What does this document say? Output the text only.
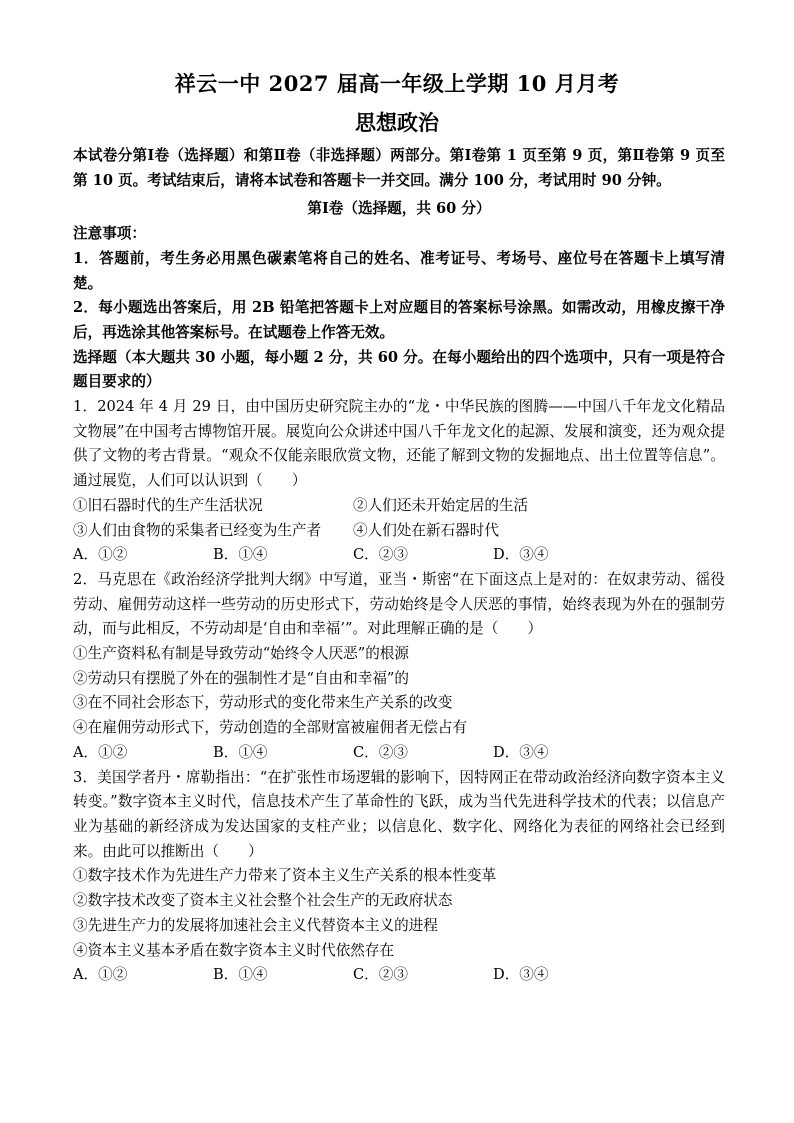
祥云一中 2027 届高一年级上学期 10 月月考
思想政治

本试卷分第Ⅰ卷（选择题）和第Ⅱ卷（非选择题）两部分。第Ⅰ卷第 1 页至第 9 页，第Ⅱ卷第 9 页至第 10 页。考试结束后，请将本试卷和答题卡一并交回。满分 100 分，考试用时 90 分钟。

第Ⅰ卷（选择题，共 60 分）

注意事项：

1．答题前，考生务必用黑色碳素笔将自己的姓名、准考证号、考场号、座位号在答题卡上填写清楚。

2．每小题选出答案后，用 2B 铅笔把答题卡上对应题目的答案标号涂黑。如需改动，用橡皮擦干净后，再选涂其他答案标号。在试题卷上作答无效。

选择题（本大题共 30 小题，每小题 2 分，共 60 分。在每小题给出的四个选项中，只有一项是符合题目要求的）

1．2024 年 4 月 29 日，由中国历史研究院主办的“龙・中华民族的图腾——中国八千年龙文化精品文物展”在中国考古博物馆开展。展览向公众讲述中国八千年龙文化的起源、发展和演变，还为观众提供了文物的考古背景。“观众不仅能亲眼欣赏文物，还能了解到文物的发掘地点、出土位置等信息”。通过展览，人们可以认识到（　　）

①旧石器时代的生产生活状况	②人们还未开始定居的生活
③人们由食物的采集者已经变为生产者	④人们处在新石器时代
A．①②	B．①④	C．②③	D．③④

2．马克思在《政治经济学批判大纲》中写道，亚当・斯密“在下面这点上是对的：在奴隶劳动、徭役劳动、雇佣劳动这样一些劳动的历史形式下，劳动始终是令人厌恶的事情，始终表现为外在的强制劳动，而与此相反，不劳动却是‘自由和幸福’”。对此理解正确的是（　　）

①生产资料私有制是导致劳动“始终令人厌恶”的根源

②劳动只有摆脱了外在的强制性才是“自由和幸福”的

③在不同社会形态下，劳动形式的变化带来生产关系的改变

④在雇佣劳动形式下，劳动创造的全部财富被雇佣者无偿占有

A．①②	B．①④	C．②③	D．③④

3．美国学者丹・席勒指出：“在扩张性市场逻辑的影响下，因特网正在带动政治经济向数字资本主义转变。”数字资本主义时代，信息技术产生了革命性的飞跃，成为当代先进科学技术的代表；以信息产业为基础的新经济成为发达国家的支柱产业；以信息化、数字化、网络化为表征的网络社会已经到来。由此可以推断出（　　）

①数字技术作为先进生产力带来了资本主义生产关系的根本性变革

②数字技术改变了资本主义社会整个社会生产的无政府状态

③先进生产力的发展将加速社会主义代替资本主义的进程

④资本主义基本矛盾在数字资本主义时代依然存在

A．①②	B．①④	C．②③	D．③④
